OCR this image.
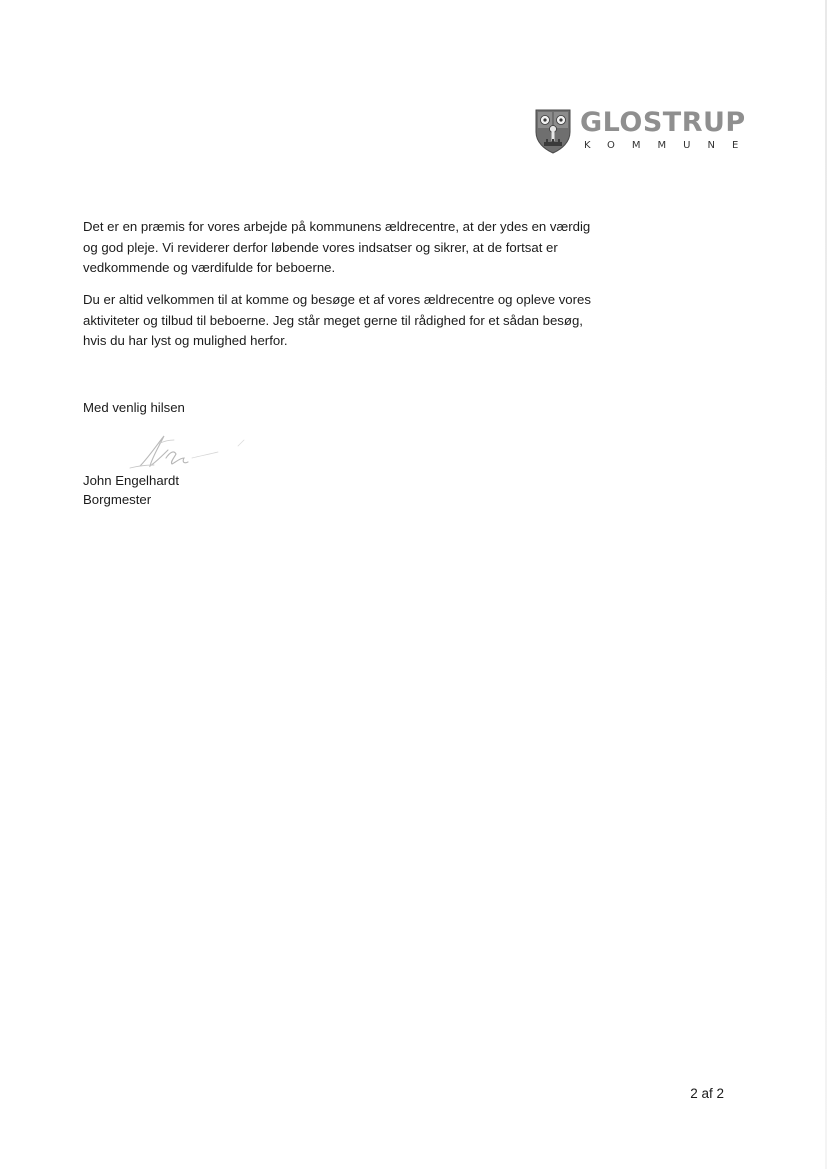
GLOSTRUP
KOMMUNE

Det er en præmis for vores arbejde på kommunens ældrecentre, at der ydes en værdig og god pleje. Vi reviderer derfor løbende vores indsatser og sikrer, at de fortsat er vedkommende og værdifulde for beboerne.

Du er altid velkommen til at komme og besøge et af vores ældrecentre og opleve vores aktiviteter og tilbud til beboerne. Jeg står meget gerne til rådighed for et sådan besøg, hvis du har lyst og mulighed herfor.

Med venlig hilsen

John Engelhardt
Borgmester
2 af 2
